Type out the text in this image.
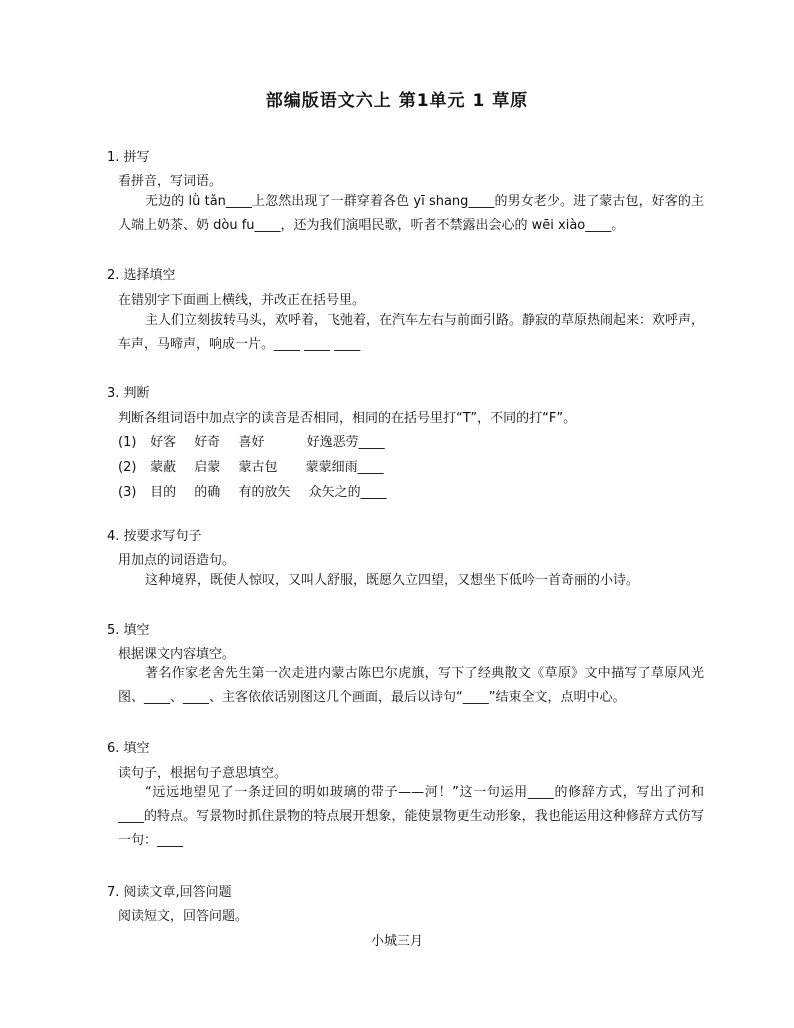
部编版语文六上 第1单元 1 草原
1. 拼写
看拼音，写词语。
无边的 lǜ tǎn____上忽然出现了一群穿着各色 yī shang____的男女老少。进了蒙古包，好客的主人端上奶茶、奶 dòu fu____，还为我们演唱民歌，听者不禁露出会心的 wēi xiào____。
2. 选择填空
在错别字下面画上横线，并改正在括号里。
主人们立刻拔转马头，欢呼着，飞弛着，在汽车左右与前面引路。静寂的草原热闹起来：欢呼声，车声，马啼声，响成一片。____ ____ ____
3. 判断
判断各组词语中加点字的读音是否相同，相同的在括号里打“T”，不同的打“F”。
(1) 好客 好奇 喜好	好逸恶劳____
(2) 蒙蔽 启蒙 蒙古包 蒙蒙细雨____
(3) 目的 的确 有的放矢 众矢之的____
4. 按要求写句子
用加点的词语造句。
这种境界，既使人惊叹，又叫人舒服，既愿久立四望，又想坐下低吟一首奇丽的小诗。
5. 填空
根据课文内容填空。
著名作家老舍先生第一次走进内蒙古陈巴尔虎旗，写下了经典散文《草原》文中描写了草原风光图、____、____、主客依依话别图这几个画面，最后以诗句“____”结束全文，点明中心。
6. 填空
读句子，根据句子意思填空。
“远远地望见了一条迂回的明如玻璃的带子——河！”这一句运用____的修辞方式，写出了河和____的特点。写景物时抓住景物的特点展开想象，能使景物更生动形象，我也能运用这种修辞方式仿写一句：____
7. 阅读文章,回答问题
阅读短文，回答问题。
小城三月
